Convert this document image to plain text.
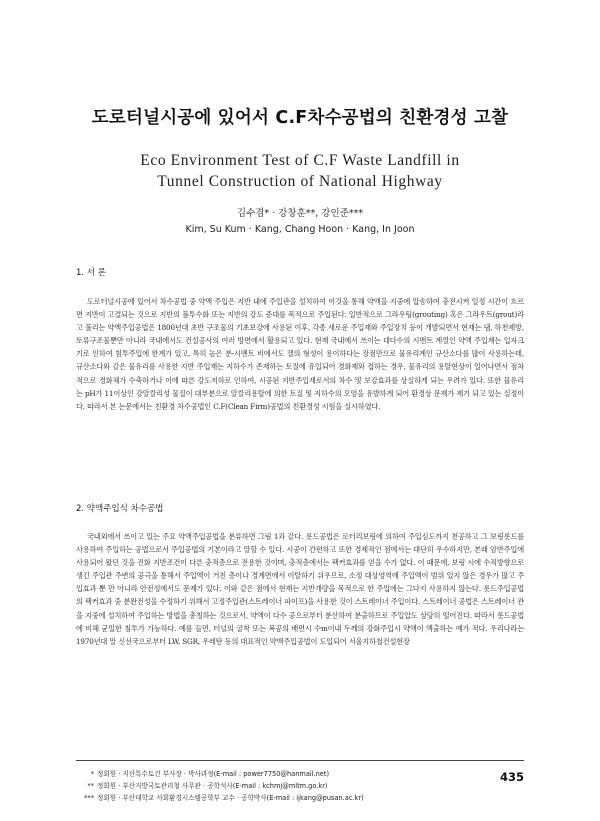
도로터널시공에 있어서 C.F차수공법의 친환경성 고찰
Eco Environment Test of C.F Waste Landfill in
Tunnel Construction of National Highway
김수겸* · 강창훈**, 강인준***
Kim, Su Kum · Kang, Chang Hoon · Kang, In Joon
1. 서 론
도로터널시공에 있어서 차수공법 중 약액 주입은 지반 내에 주입관을 설치하여 이것을 통해 약액을 지중에 압송하여 충전시켜 일정 시간이 흐르면 지반이 고결되는 것으로 지반의 불투수화 또는 지반의 강도 증대를 목적으로 주입된다. 일반적으로 그라우팅(grouting) 혹은 그라우트(grout)라고 불리는 약액주입공법은 1800년대 초반 구조물의 기초보강에 사용된 이후, 각종 새로운 주입재와 주입장치 등이 개발되면서 현재는 댐, 하천제방, 토류구조물뿐만 아니라 국내에서도 건설공사의 여러 방면에서 활용되고 있다. 현재 국내에서 쓰이는 대다수의 시멘트 계열인 약액 주입재는 입자크기로 인하여 침투주입에 한계가 있고, 특히 높은 분-시멘트 비에서도 겔의 형성이 용이하다는 장점만으로 물유리계인 규산소다를 많이 사용하는데, 규산소다와 같은 물유리를 사용한 지반 주입재는 지하수가 존재하는 토질에 유입되어 경화제와 접하는 경우, 물유리의 용탈현상이 일어나면서 점차적으로 경화체가 수축하거나 이에 따른 강도저하로 인하여, 시공된 지반주입재로서의 차수 및 보강효과를 상실하게 되는 우려가 있다. 또한 물유리는 pH가 11이상인 강알칼리성 물질이 대부분으로 알칼리용탈에 의한 토질 및 지하수의 오염을 유발하게 되어 환경상 문제가 제기 되고 있는 실정이다. 따라서 본 논문에서는 친환경 차수공법인 C.F(Clean Firm)공법의 친환경성 시험을 실시하였다.
2. 약액주입식 차수공법
국내외에서 쓰이고 있는 주요 약액주입공법을 분류하면 그림 1과 같다. 롯드공법은 로터리보링에 의하여 주입심도까지 천공하고 그 보링롯드를 사용하여 주입하는 공법으로서 주입공법의 기본이라고 말할 수 있다. 시공이 간편하고 또한 경제적인 점에서는 대단히 우수하지만, 본래 암반주입에 사용되어 왔던 것을 진화 지반조건이 다른 충적층으로 전용한 것이며, 충적층에서는 팩커효과를 얻을 수가 없다. 이 때문에, 보링 시에 수직방향으로 생긴 주입관 주변의 공극을 통해서 주입액이 거친 층이나 경계면에서 이탈하기 쉬우므로, 소정 대상영역에 주입액이 범위 있지 않은 경우가 많고 주입효과 뿐 만 아니라 안전성에서도 문제가 있다. 이와 같은 점에서 현재는 지반개량을 목적으로 한 주입에는 그다지 사용하지 않는다. 롯드주입공법의 팩커효과 중 분완전성을 수정하기 위해서 고정주입관(스트레이너 파이프)을 사용한 것이 스트레이너 주입이다. 스트레이너 공법은 스트레이너 관을 지중에 설치하여 주입하는 방법을 총칭하는 것으로서, 약액이 다수 공으로부터 분산하여 분출하므로 주입압도 상당히 떨어진다. 따라서 롯드공법에 비해 균일한 침투가 가능하다. 예를 들면, 터널의 굴착 또는 복공의 배면시 수m이내 두께의 강화주입시 약액이 액출하는 예가 적다. 우리나라는 1970년대 말 신선국으로부터 LW, SGR, 우레탄 등의 대표적인 약액주입공법이 도입되어 서울지하철건설현장
* 정회원 · 지산특수토건 부사장 · 박사과정(E-mail : power7750@hanmail.net)
** 정회원 · 부산지방국토관리청 사무관 · 공학석사(E-mail : kchmj@mltm.go.kr)
*** 정회원 · 부산대학교 사회환경시스템공학부 교수 · 공학박사(E-mail : ijkang@pusan.ac.kr)
435
